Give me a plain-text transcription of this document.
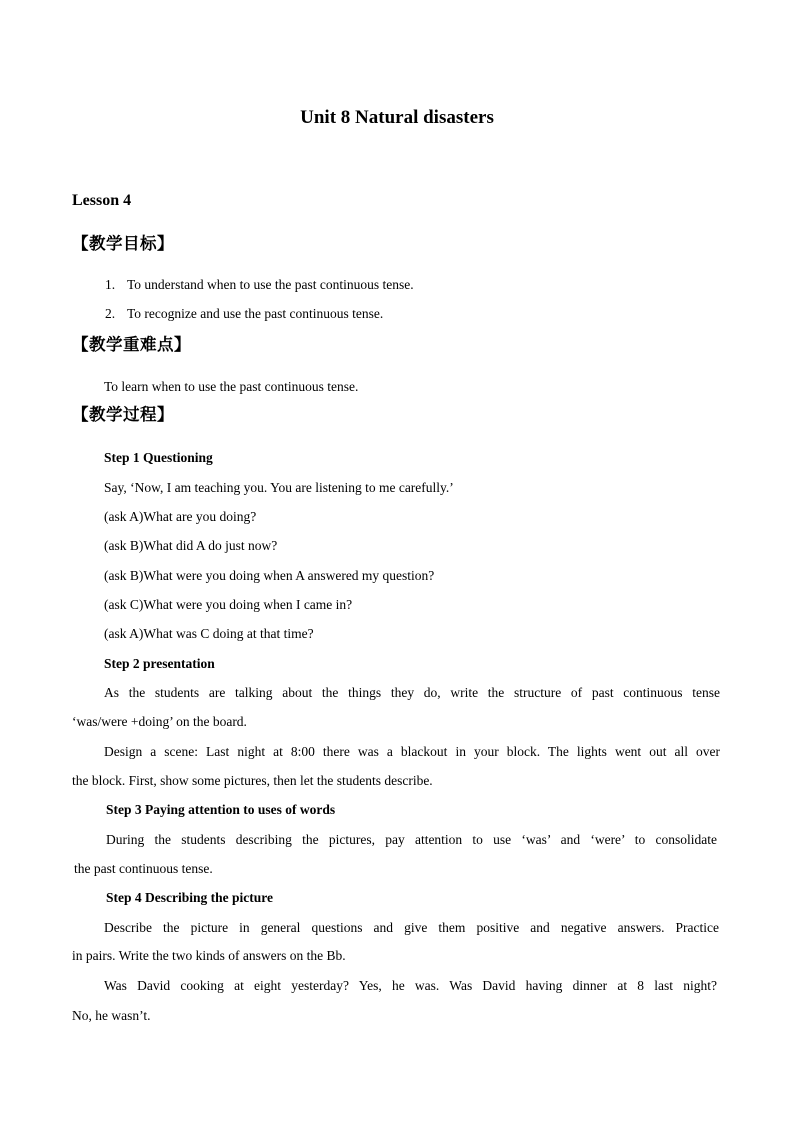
Unit 8 Natural disasters
Lesson 4
【教学目标】
1. To understand when to use the past continuous tense.
2. To recognize and use the past continuous tense.
【教学重难点】
To learn when to use the past continuous tense.
【教学过程】
Step 1 Questioning
Say, ‘Now, I am teaching you. You are listening to me carefully.’
(ask A)What are you doing?
(ask B)What did A do just now?
(ask B)What were you doing when A answered my question?
(ask C)What were you doing when I came in?
(ask A)What was C doing at that time?
Step 2 presentation
As the students are talking about the things they do, write the structure of past continuous tense
‘was/were +doing’ on the board.
Design a scene: Last night at 8:00 there was a blackout in your block. The lights went out all over
the block. First, show some pictures, then let the students describe.
Step 3 Paying attention to uses of words
During the students describing the pictures, pay attention to use ‘was’ and ‘were’ to consolidate
the past continuous tense.
Step 4 Describing the picture
Describe the picture in general questions and give them positive and negative answers. Practice
in pairs. Write the two kinds of answers on the Bb.
Was David cooking at eight yesterday? Yes, he was. Was David having dinner at 8 last night?
No, he wasn’t.
